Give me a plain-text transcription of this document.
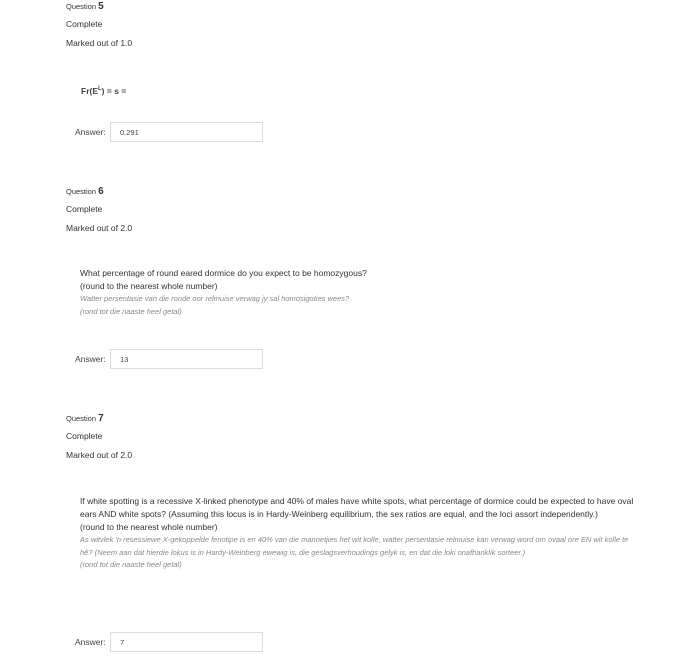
Question 5
Complete
Marked out of 1.0
$Fr(E^L) = s$ =
Answer:	0.291
Question 6
Complete
Marked out of 2.0
What percentage of round eared dormice do you expect to be homozygous?
(round to the nearest whole number)
Watter persentasie van die ronde oor relmuise verwag jy sal homosigoties wees?
(rond tot die naaste heel getal)
Answer:	13
Question 7
Complete
Marked out of 2.0
If white spotting is a recessive X-linked phenotype and 40% of males have white spots, what percentage of dormice could be expected to have oval ears AND white spots? (Assuming this locus is in Hardy-Weinberg equilibrium, the sex ratios are equal, and the loci assort independently.)
(round to the nearest whole number)
As witvlek 'n resessiewe X-gekoppelde fenotipe is en 40% van die mannetjies het wit kolle, watter persentasie relmuise kan verwag word om ovaal ore EN wit kolle te hê? (Neem aan dat hierdie lokus is in Hardy-Weinberg ewewig is, die geslagsverhoudings gelyk is, en dat die loki onafhanklik sorteer.)
(rond tot die naaste heel getal)
Answer:	7
